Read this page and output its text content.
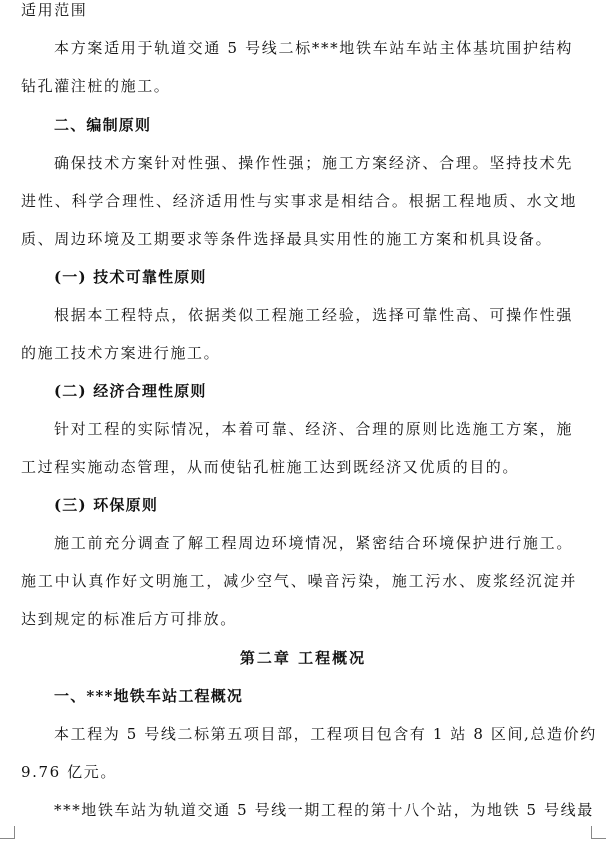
适用范围
本方案适用于轨道交通 5 号线二标***地铁车站车站主体基坑围护结构
钻孔灌注桩的施工。
二、编制原则
确保技术方案针对性强、操作性强；施工方案经济、合理。坚持技术先
进性、科学合理性、经济适用性与实事求是相结合。根据工程地质、水文地
质、周边环境及工期要求等条件选择最具实用性的施工方案和机具设备。
(一) 技术可靠性原则
根据本工程特点，依据类似工程施工经验，选择可靠性高、可操作性强
的施工技术方案进行施工。
(二) 经济合理性原则
针对工程的实际情况，本着可靠、经济、合理的原则比选施工方案，施
工过程实施动态管理，从而使钻孔桩施工达到既经济又优质的目的。
(三) 环保原则
施工前充分调查了解工程周边环境情况，紧密结合环境保护进行施工。
施工中认真作好文明施工，减少空气、噪音污染，施工污水、废浆经沉淀并
达到规定的标准后方可排放。
第二章 工程概况
一、***地铁车站工程概况
本工程为 5 号线二标第五项目部，工程项目包含有 1 站 8 区间,总造价约
9.76 亿元。
***地铁车站为轨道交通 5 号线一期工程的第十八个站，为地铁 5 号线最
